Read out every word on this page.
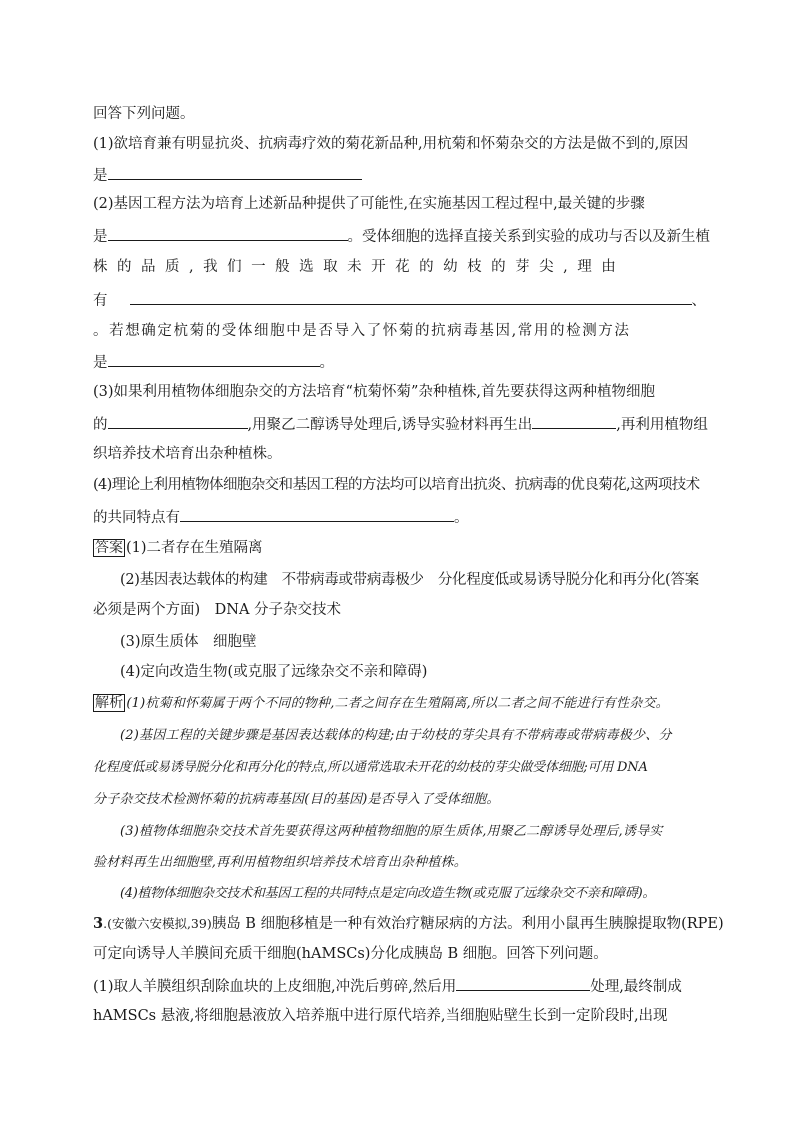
回答下列问题。
(1)欲培育兼有明显抗炎、抗病毒疗效的菊花新品种,用杭菊和怀菊杂交的方法是做不到的,原因
是
(2)基因工程方法为培育上述新品种提供了可能性,在实施基因工程过程中,最关键的步骤
是	。受体细胞的选择直接关系到实验的成功与否以及新生植
株的品质,我们一般选取未开花的幼枝的芽尖,理由
有	、
。若想确定杭菊的受体细胞中是否导入了怀菊的抗病毒基因,常用的检测方法
是	。
(3)如果利用植物体细胞杂交的方法培育“杭菊怀菊”杂种植株,首先要获得这两种植物细胞
的	,用聚乙二醇诱导处理后,诱导实验材料再生出	,再利用植物组
织培养技术培育出杂种植株。
(4)理论上利用植物体细胞杂交和基因工程的方法均可以培育出抗炎、抗病毒的优良菊花,这两项技术
的共同特点有	。
答案 (1)二者存在生殖隔离
(2)基因表达载体的构建　不带病毒或带病毒极少　分化程度低或易诱导脱分化和再分化(答案
必须是两个方面)　DNA 分子杂交技术
(3)原生质体　细胞壁
(4)定向改造生物(或克服了远缘杂交不亲和障碍)
解析 (1)杭菊和怀菊属于两个不同的物种,二者之间存在生殖隔离,所以二者之间不能进行有性杂交。
(2)基因工程的关键步骤是基因表达载体的构建;由于幼枝的芽尖具有不带病毒或带病毒极少、分
化程度低或易诱导脱分化和再分化的特点,所以通常选取未开花的幼枝的芽尖做受体细胞;可用 DNA
分子杂交技术检测怀菊的抗病毒基因(目的基因)是否导入了受体细胞。
(3)植物体细胞杂交技术首先要获得这两种植物细胞的原生质体,用聚乙二醇诱导处理后,诱导实
验材料再生出细胞壁,再利用植物组织培养技术培育出杂种植株。
(4)植物体细胞杂交技术和基因工程的共同特点是定向改造生物(或克服了远缘杂交不亲和障碍)。
3.(安徽六安模拟,39)胰岛 B 细胞移植是一种有效治疗糖尿病的方法。利用小鼠再生胰腺提取物(RPE)
可定向诱导人羊膜间充质干细胞(hAMSCs)分化成胰岛 B 细胞。回答下列问题。
(1)取人羊膜组织刮除血块的上皮细胞,冲洗后剪碎,然后用	处理,最终制成
hAMSCs 悬液,将细胞悬液放入培养瓶中进行原代培养,当细胞贴壁生长到一定阶段时,出现
